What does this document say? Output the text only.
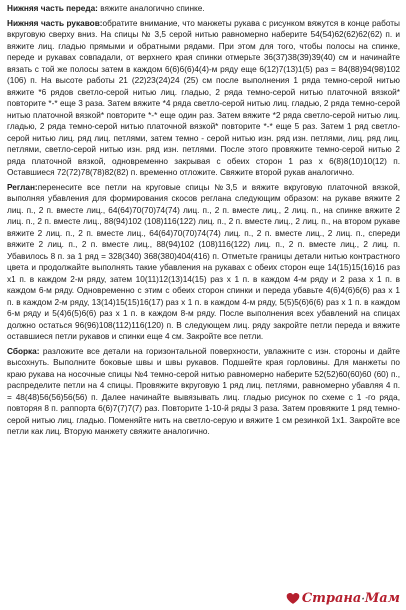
Нижняя часть переда: вяжите аналогично спинке.

Нижняя часть рукавов:обратите внимание, что манжеты рукава с рисунком вяжутся в конце работы вкруговую сверху вниз. На спицы № 3,5 серой нитью равномерно наберите 54(54)62(62)62(62) п. и вяжите лиц. гладью прямыми и обратными рядами. При этом для того, чтобы полосы на спинке, переде и рукавах совпадали, от верхнего края спинки отмерьте 36(37)38(39)39(40) см и начинайте вязать с той же полосы затем в каждом 6(6)6(6)4(4)-м ряду еще 6(12)7(13)1(5) раз = 84(88)94(98)102 (106) п. На высоте работы 21 (22)23(24)24 (25) см после выполнения 1 ряда темно-серой нитью вяжите *6 рядов светло-серой нитью лиц. гладью, 2 ряда темно-серой нитью платочной вязкой* повторите *-* еще 3 раза. Затем вяжите *4 ряда светло-серой нитью лиц. гладью, 2 ряда темно-серой нитью платочной вязкой* повторите *-* еще один раз. Затем вяжите *2 ряда светло-серой нитью лиц. гладью, 2 ряда темно-серой нитью платочной вязкой* повторите *-* еще 5 раз. Затем 1 ряд светло-серой нитью лиц. ряд лиц. петлями, затем темно - серой нитью изн. ряд изн. петлями, лиц. ряд лиц. петлями, светло-серой нитью изн. ряд изн. петлями. После этого провяжите темно-серой нитью 2 ряда платочной вязкой, одновременно закрывая с обеих сторон 1 раз х 6(8)8(10)10(12) п. Оставшиеся 72(72)78(78)82(82) п. временно отложите. Свяжите второй рукав аналогично.

Реглан:перенесите все петли на круговые спицы №3,5 и вяжите вкруговую платочной вязкой, выполняя убавления для формирования скосов реглана следующим образом: на рукаве вяжите 2 лиц. п., 2 п. вместе лиц., 64(64)70(70)74(74) лиц. п., 2 п. вместе лиц., 2 лиц. п., на спинке вяжите 2 лиц. п., 2 п. вместе лиц., 88(94)102 (108)116(122) лиц. п., 2 п. вместе лиц., 2 лиц. п., на втором рукаве вяжите 2 лиц. п., 2 п. вместе лиц., 64(64)70(70)74(74) лиц. п., 2 п. вместе лиц., 2 лиц. п., спереди вяжите 2 лиц. п., 2 п. вместе лиц., 88(94)102 (108)116(122) лиц. п., 2 п. вместе лиц., 2 лиц. п. Убавилось 8 п. за 1 ряд = 328(340) 368(380)404(416) п. Отметьте границы детали нитью контрастного цвета и продолжайте выполнять такие убавления на рукавах с обеих сторон еще 14(15)15(16)16 раз х1 п. в каждом 2-м ряду, затем 10(11)12(13)14(15) раз х 1 п. в каждом 4-м ряду и 2 раза х 1 п. в каждом 6-м ряду. Одновременно с этим с обеих сторон спинки и переда убавьте 4(6)4(6)6(6) раз х 1 п. в каждом 2-м ряду, 13(14)15(15)16(17) раз х 1 п. в каждом 4-м ряду, 5(5)5(6)6(6) раз х 1 п. в каждом 6-м ряду и 5(4)6(5)6(6) раз х 1 п. в каждом 8-м ряду. После выполнения всех убавлений на спицах должно остаться 96(96)108(112)116(120) п. В следующем лиц. ряду закройте петли переда и вяжите оставшиеся петли рукавов и спинки еще 4 см. Закройте все петли.

Сборка: разложите все детали на горизонтальной поверхности, увлажните с изн. стороны и дайте высохнуть. Выполните боковые швы и швы рукавов. Подшейте края горловины. Для манжеты по краю рукава на носочные спицы №4 темно-серой нитью равномерно наберите 52(52)60(60)60 (60) п., распределите петли на 4 спицы. Провяжите вкруговую 1 ряд лиц. петлями, равномерно убавляя 4 п. = 48(48)56(56)56(56) п. Далее начинайте вывязывать лиц. гладью рисунок по схеме с 1 -го ряда, повторяя 8 п. раппорта 6(6)7(7)7(7) раз. Повторите 1-10-й ряды 3 раза. Затем провяжите 1 ряд темно-серой нитью лиц. гладью. Поменяйте нить на светло-серую и вяжите 1 см резинкой 1х1. Закройте все петли как лиц. Вторую манжету свяжите аналогично.

Страна·Мам
